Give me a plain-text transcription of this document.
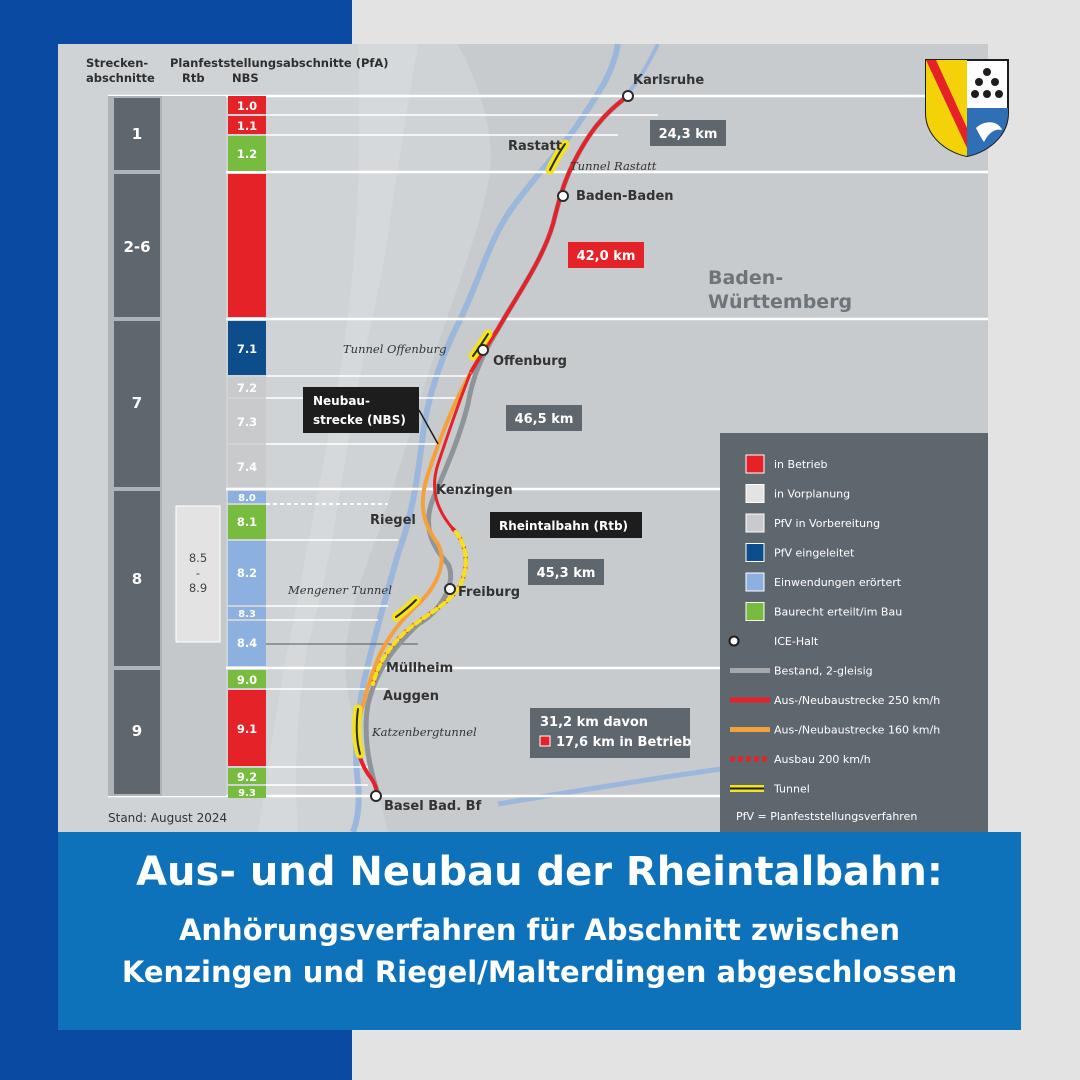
Strecken-
abschnitte
Planfeststellungsabschnitte (PfA)
Rtb NBS
1
2-6
7
8
9
8.5
-
8.9
1.0
1.1
1.2
7.1
7.2
7.3
7.4
8.0
8.1
8.2
8.3
8.4
9.0
9.1
9.2
9.3
Karlsruhe
Rastatt
Tunnel Rastatt
Baden-Baden
Tunnel Offenburg
Offenburg
Kenzingen
Riegel
Mengener Tunnel	Freiburg
Müllheim
Auggen
Katzenbergtunnel
Basel Bad. Bf
Baden-
Württemberg
24,3 km
42,0 km
46,5 km
45,3 km
31,2 km davon
17,6 km in Betrieb
Neubau-
strecke (NBS)
Rheintalbahn (Rtb)
in Betrieb
in Vorplanung
PfV in Vorbereitung
PfV eingeleitet
Einwendungen erörtert
Baurecht erteilt/im Bau
ICE-Halt
Bestand, 2-gleisig
Aus-/Neubaustrecke 250 km/h
Aus-/Neubaustrecke 160 km/h
Ausbau 200 km/h
Tunnel
PfV = Planfeststellungsverfahren
Stand: August 2024
Aus- und Neubau der Rheintalbahn:
Anhörungsverfahren für Abschnitt zwischen
Kenzingen und Riegel/Malterdingen abgeschlossen
